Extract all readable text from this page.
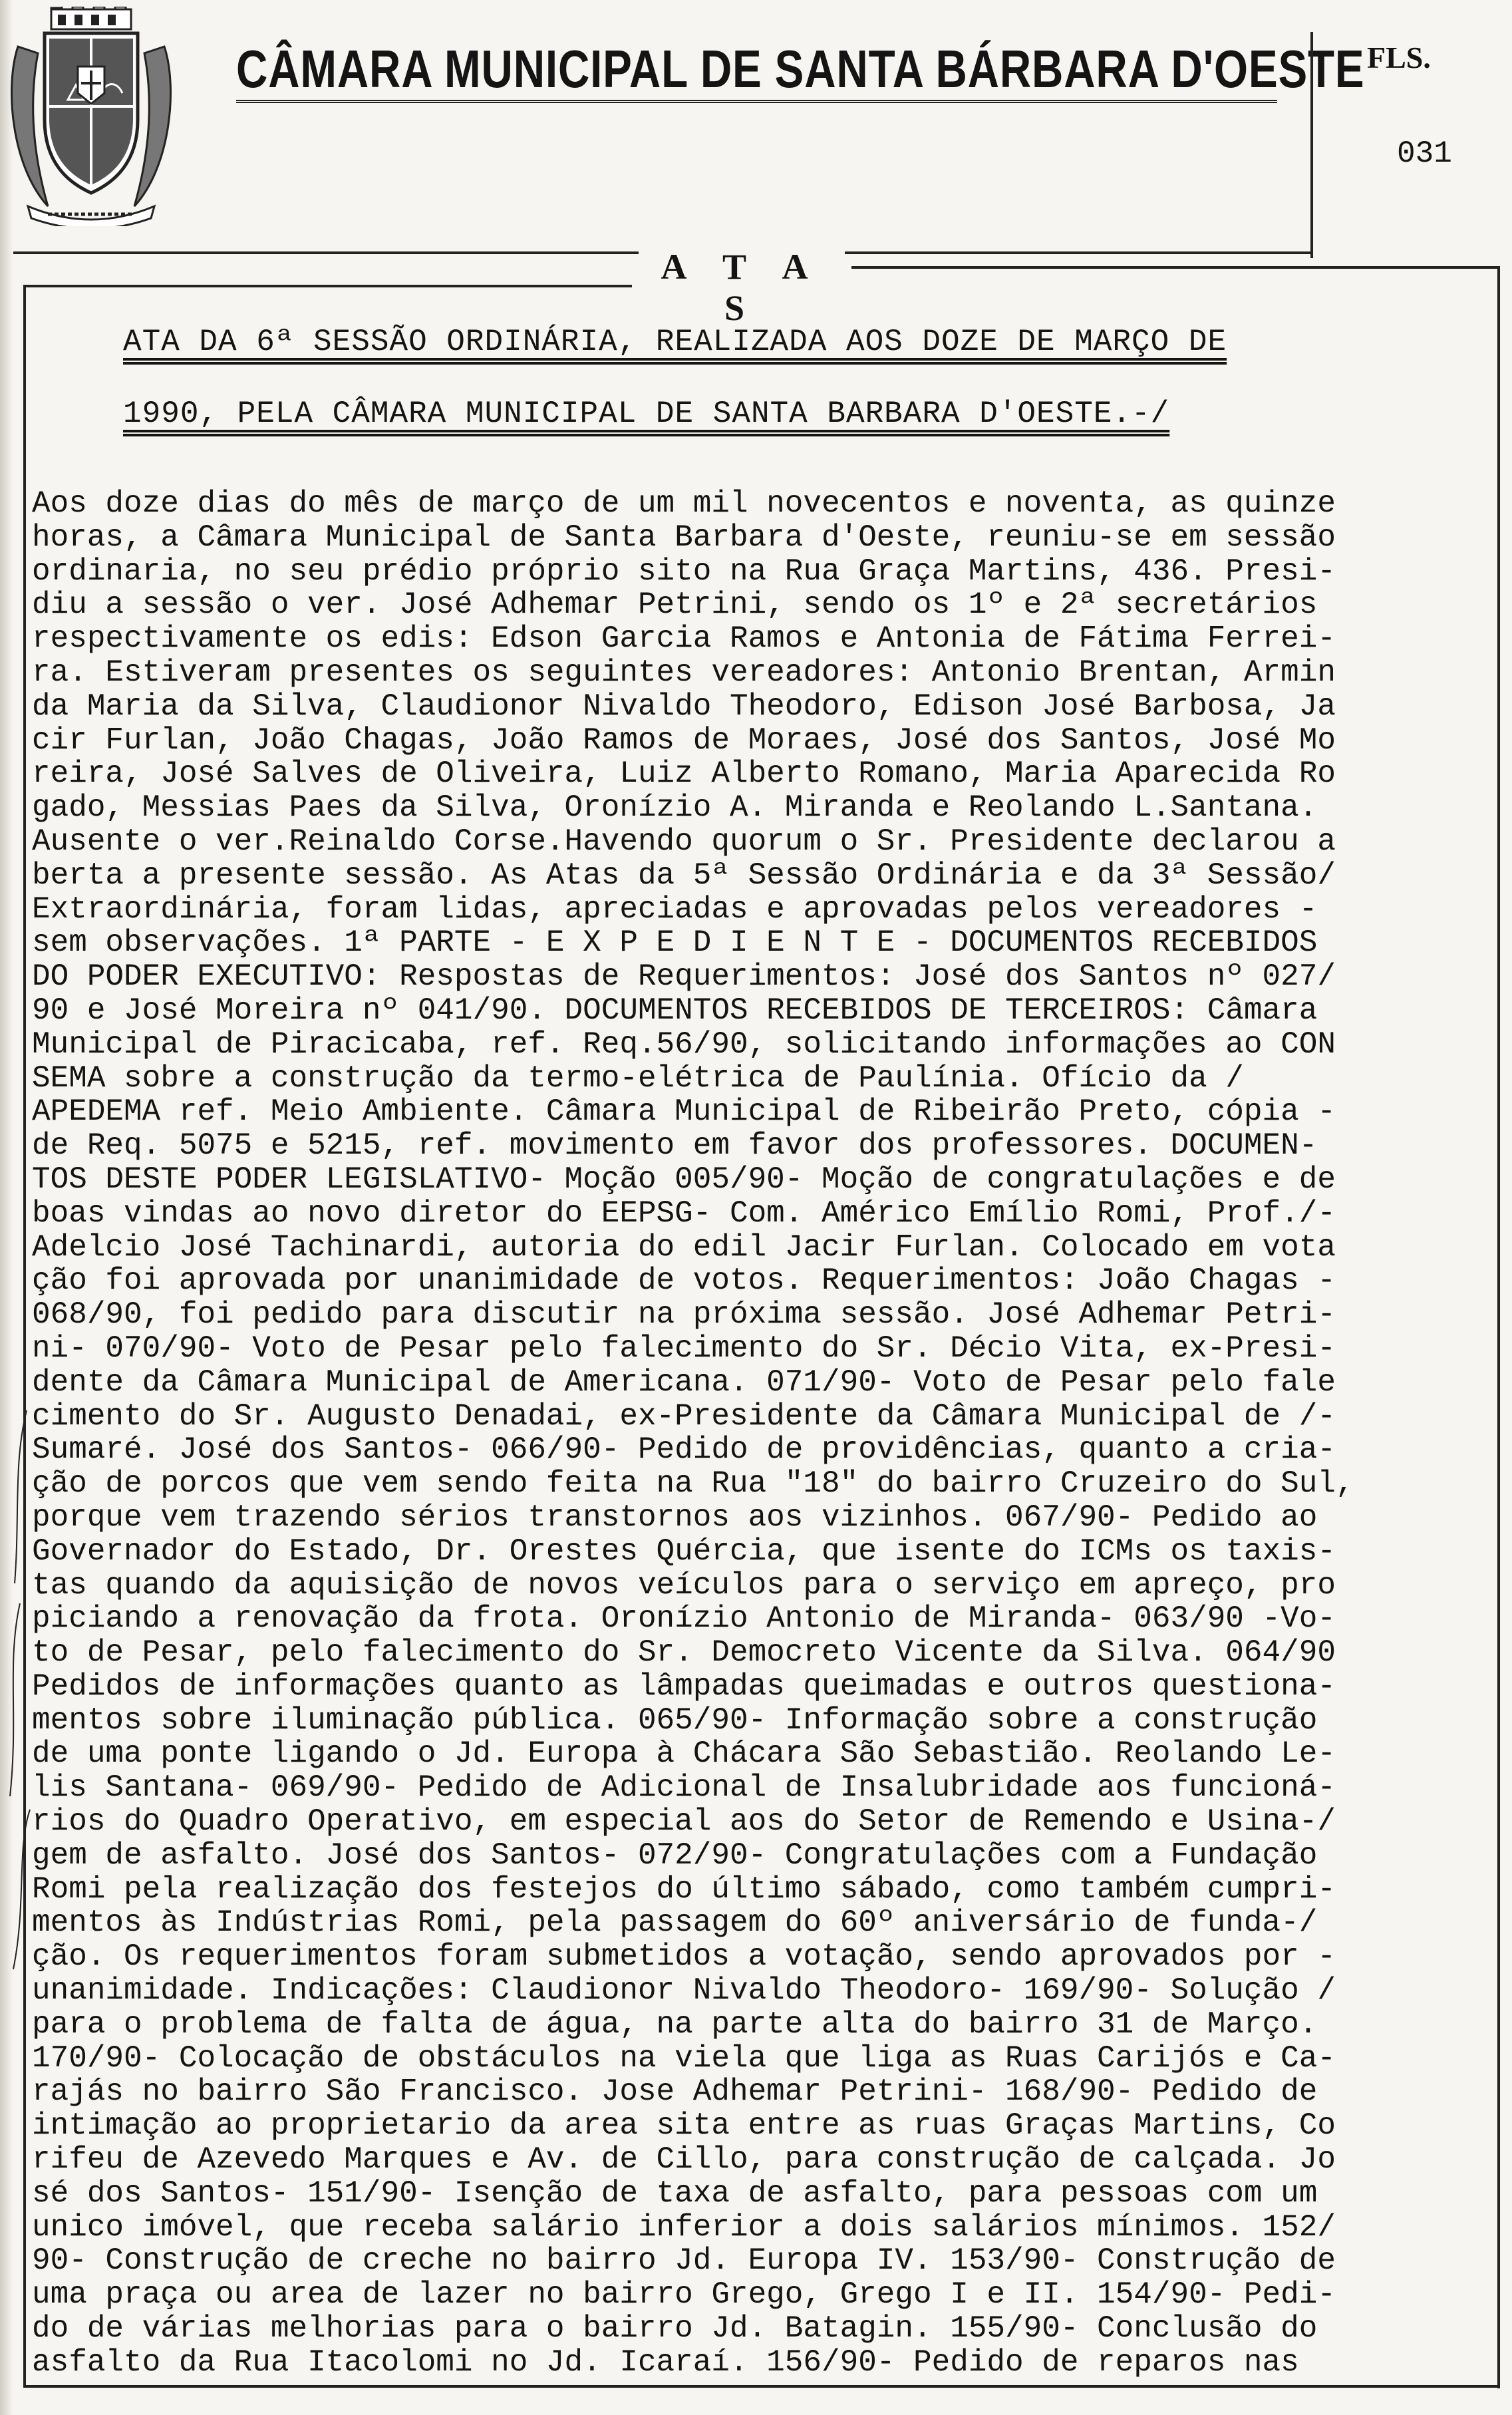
CÂMARA MUNICIPAL DE SANTA BÁRBARA D'OESTE FLS.
031
A T A S
ATA DA 6ª SESSÃO ORDINÁRIA, REALIZADA AOS DOZE DE MARÇO DE
1990, PELA CÂMARA MUNICIPAL DE SANTA BARBARA D'OESTE.-/
Aos doze dias do mês de março de um mil novecentos e noventa, as quinze
horas, a Câmara Municipal de Santa Barbara d'Oeste, reuniu-se em sessão
ordinaria, no seu prédio próprio sito na Rua Graça Martins, 436. Presi-
diu a sessão o ver. José Adhemar Petrini, sendo os 1º e 2ª secretários
respectivamente os edis: Edson Garcia Ramos e Antonia de Fátima Ferrei-
ra. Estiveram presentes os seguintes vereadores: Antonio Brentan, Armin
da Maria da Silva, Claudionor Nivaldo Theodoro, Edison José Barbosa, Ja
cir Furlan, João Chagas, João Ramos de Moraes, José dos Santos, José Mo
reira, José Salves de Oliveira, Luiz Alberto Romano, Maria Aparecida Ro
gado, Messias Paes da Silva, Oronízio A. Miranda e Reolando L.Santana.
Ausente o ver.Reinaldo Corse.Havendo quorum o Sr. Presidente declarou a
berta a presente sessão. As Atas da 5ª Sessão Ordinária e da 3ª Sessão/
Extraordinária, foram lidas, apreciadas e aprovadas pelos vereadores -
sem observações. 1ª PARTE - E X P E D I E N T E - DOCUMENTOS RECEBIDOS
DO PODER EXECUTIVO: Respostas de Requerimentos: José dos Santos nº 027/
90 e José Moreira nº 041/90. DOCUMENTOS RECEBIDOS DE TERCEIROS: Câmara
Municipal de Piracicaba, ref. Req.56/90, solicitando informações ao CON
SEMA sobre a construção da termo-elétrica de Paulínia. Ofício da /
APEDEMA ref. Meio Ambiente. Câmara Municipal de Ribeirão Preto, cópia -
de Req. 5075 e 5215, ref. movimento em favor dos professores. DOCUMEN-
TOS DESTE PODER LEGISLATIVO- Moção 005/90- Moção de congratulações e de
boas vindas ao novo diretor do EEPSG- Com. Américo Emílio Romi, Prof./-
Adelcio José Tachinardi, autoria do edil Jacir Furlan. Colocado em vota
ção foi aprovada por unanimidade de votos. Requerimentos: João Chagas -
068/90, foi pedido para discutir na próxima sessão. José Adhemar Petri-
ni- 070/90- Voto de Pesar pelo falecimento do Sr. Décio Vita, ex-Presi-
dente da Câmara Municipal de Americana. 071/90- Voto de Pesar pelo fale
cimento do Sr. Augusto Denadai, ex-Presidente da Câmara Municipal de /-
Sumaré. José dos Santos- 066/90- Pedido de providências, quanto a cria-
ção de porcos que vem sendo feita na Rua "18" do bairro Cruzeiro do Sul,
porque vem trazendo sérios transtornos aos vizinhos. 067/90- Pedido ao
Governador do Estado, Dr. Orestes Quércia, que isente do ICMs os taxis-
tas quando da aquisição de novos veículos para o serviço em apreço, pro
piciando a renovação da frota. Oronízio Antonio de Miranda- 063/90 -Vo-
to de Pesar, pelo falecimento do Sr. Democreto Vicente da Silva. 064/90
Pedidos de informações quanto as lâmpadas queimadas e outros questiona-
mentos sobre iluminação pública. 065/90- Informação sobre a construção
de uma ponte ligando o Jd. Europa à Chácara São Sebastião. Reolando Le-
lis Santana- 069/90- Pedido de Adicional de Insalubridade aos funcioná-
rios do Quadro Operativo, em especial aos do Setor de Remendo e Usina-/
gem de asfalto. José dos Santos- 072/90- Congratulações com a Fundação
Romi pela realização dos festejos do último sábado, como também cumpri-
mentos às Indústrias Romi, pela passagem do 60º aniversário de funda-/
ção. Os requerimentos foram submetidos a votação, sendo aprovados por -
unanimidade. Indicações: Claudionor Nivaldo Theodoro- 169/90- Solução /
para o problema de falta de água, na parte alta do bairro 31 de Março.
170/90- Colocação de obstáculos na viela que liga as Ruas Carijós e Ca-
rajás no bairro São Francisco. Jose Adhemar Petrini- 168/90- Pedido de
intimação ao proprietario da area sita entre as ruas Graças Martins, Co
rifeu de Azevedo Marques e Av. de Cillo, para construção de calçada. Jo
sé dos Santos- 151/90- Isenção de taxa de asfalto, para pessoas com um
unico imóvel, que receba salário inferior a dois salários mínimos. 152/
90- Construção de creche no bairro Jd. Europa IV. 153/90- Construção de
uma praça ou area de lazer no bairro Grego, Grego I e II. 154/90- Pedi-
do de várias melhorias para o bairro Jd. Batagin. 155/90- Conclusão do
asfalto da Rua Itacolomi no Jd. Icaraí. 156/90- Pedido de reparos nas
